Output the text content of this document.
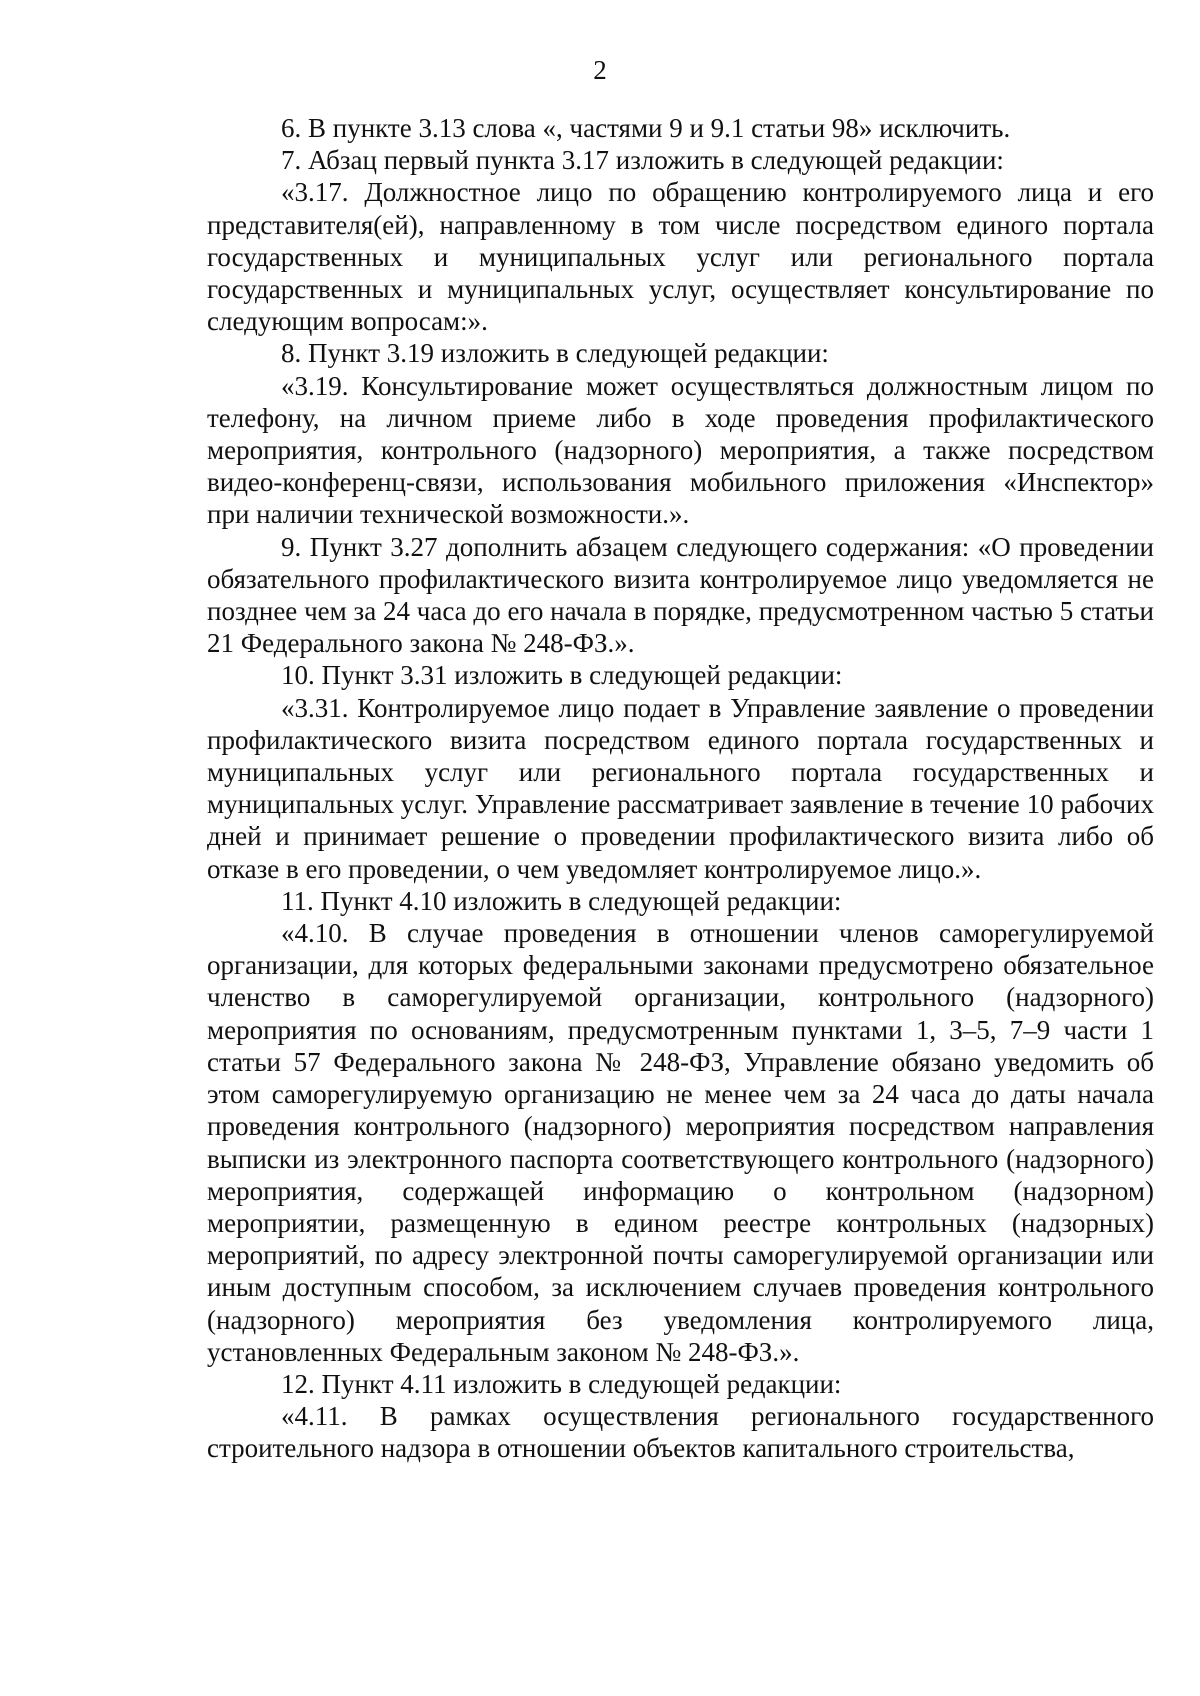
2

6. В пункте 3.13 слова «, частями 9 и 9.1 статьи 98» исключить.

7. Абзац первый пункта 3.17 изложить в следующей редакции:

«3.17. Должностное лицо по обращению контролируемого лица и его представителя(ей), направленному в том числе посредством единого портала государственных и муниципальных услуг или регионального портала государственных и муниципальных услуг, осуществляет консультирование по следующим вопросам:».

8. Пункт 3.19 изложить в следующей редакции:

«3.19. Консультирование может осуществляться должностным лицом по телефону, на личном приеме либо в ходе проведения профилактического мероприятия, контрольного (надзорного) мероприятия, а также посредством видео-конференц-связи, использования мобильного приложения «Инспектор» при наличии технической возможности.».

9. Пункт 3.27 дополнить абзацем следующего содержания: «О проведении обязательного профилактического визита контролируемое лицо уведомляется не позднее чем за 24 часа до его начала в порядке, предусмотренном частью 5 статьи 21 Федерального закона № 248-ФЗ.».

10. Пункт 3.31 изложить в следующей редакции:

«3.31. Контролируемое лицо подает в Управление заявление о проведении профилактического визита посредством единого портала государственных и муниципальных услуг или регионального портала государственных и муниципальных услуг. Управление рассматривает заявление в течение 10 рабочих дней и принимает решение о проведении профилактического визита либо об отказе в его проведении, о чем уведомляет контролируемое лицо.».

11. Пункт 4.10 изложить в следующей редакции:

«4.10. В случае проведения в отношении членов саморегулируемой организации, для которых федеральными законами предусмотрено обязательное членство в саморегулируемой организации, контрольного (надзорного) мероприятия по основаниям, предусмотренным пунктами 1, 3–5, 7–9 части 1 статьи 57 Федерального закона № 248-ФЗ, Управление обязано уведомить об этом саморегулируемую организацию не менее чем за 24 часа до даты начала проведения контрольного (надзорного) мероприятия посредством направления выписки из электронного паспорта соответствующего контрольного (надзорного) мероприятия, содержащей информацию о контрольном (надзорном) мероприятии, размещенную в едином реестре контрольных (надзорных) мероприятий, по адресу электронной почты саморегулируемой организации или иным доступным способом, за исключением случаев проведения контрольного (надзорного) мероприятия без уведомления контролируемого лица, установленных Федеральным законом № 248-ФЗ.».

12. Пункт 4.11 изложить в следующей редакции:

«4.11. В рамках осуществления регионального государственного строительного надзора в отношении объектов капитального строительства,
